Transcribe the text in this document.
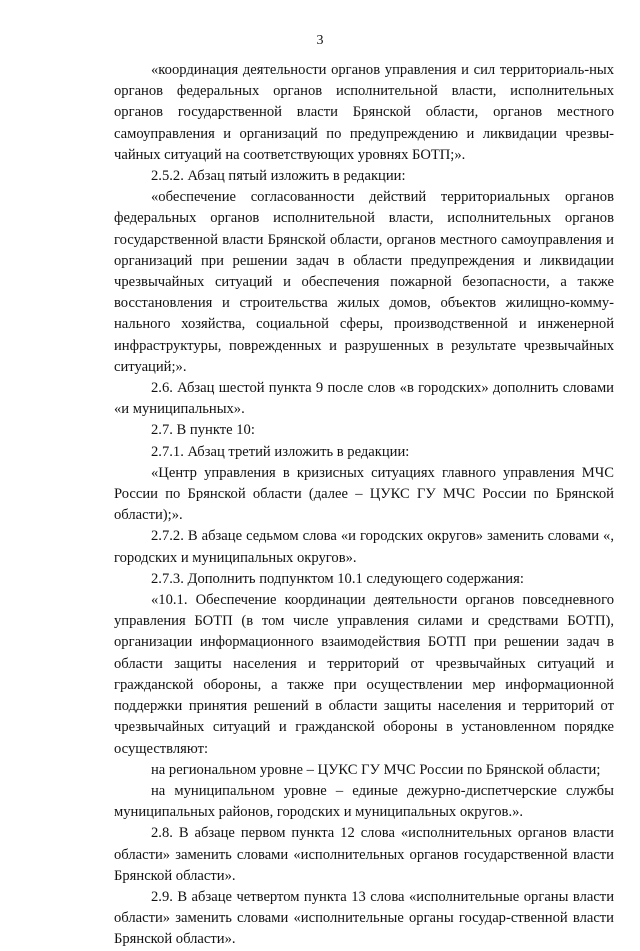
3

«координация деятельности органов управления и сил территориаль-ных органов федеральных органов исполнительной власти, исполнительных органов государственной власти Брянской области, органов местного самоуправления и организаций по предупреждению и ликвидации чрезвы-чайных ситуаций на соответствующих уровнях БОТП;».

2.5.2. Абзац пятый изложить в редакции:

«обеспечение согласованности действий территориальных органов федеральных органов исполнительной власти, исполнительных органов государственной власти Брянской области, органов местного самоуправления и организаций при решении задач в области предупреждения и ликвидации чрезвычайных ситуаций и обеспечения пожарной безопасности, а также восстановления и строительства жилых домов, объектов жилищно-комму-нального хозяйства, социальной сферы, производственной и инженерной инфраструктуры, поврежденных и разрушенных в результате чрезвычайных ситуаций;».

2.6. Абзац шестой пункта 9 после слов «в городских» дополнить словами «и муниципальных».

2.7. В пункте 10:

2.7.1. Абзац третий изложить в редакции:

«Центр управления в кризисных ситуациях главного управления МЧС России по Брянской области (далее – ЦУКС ГУ МЧС России по Брянской области);».

2.7.2. В абзаце седьмом слова «и городских округов» заменить словами «, городских и муниципальных округов».

2.7.3. Дополнить подпунктом 10.1 следующего содержания:

«10.1. Обеспечение координации деятельности органов повседневного управления БОТП (в том числе управления силами и средствами БОТП), организации информационного взаимодействия БОТП при решении задач в области защиты населения и территорий от чрезвычайных ситуаций и гражданской обороны, а также при осуществлении мер информационной поддержки принятия решений в области защиты населения и территорий от чрезвычайных ситуаций и гражданской обороны в установленном порядке осуществляют:

на региональном уровне – ЦУКС ГУ МЧС России по Брянской области;

на муниципальном уровне – единые дежурно-диспетчерские службы муниципальных районов, городских и муниципальных округов.».

2.8. В абзаце первом пункта 12 слова «исполнительных органов власти области» заменить словами «исполнительных органов государственной власти Брянской области».

2.9. В абзаце четвертом пункта 13 слова «исполнительные органы власти области» заменить словами «исполнительные органы государ-ственной власти Брянской области».
